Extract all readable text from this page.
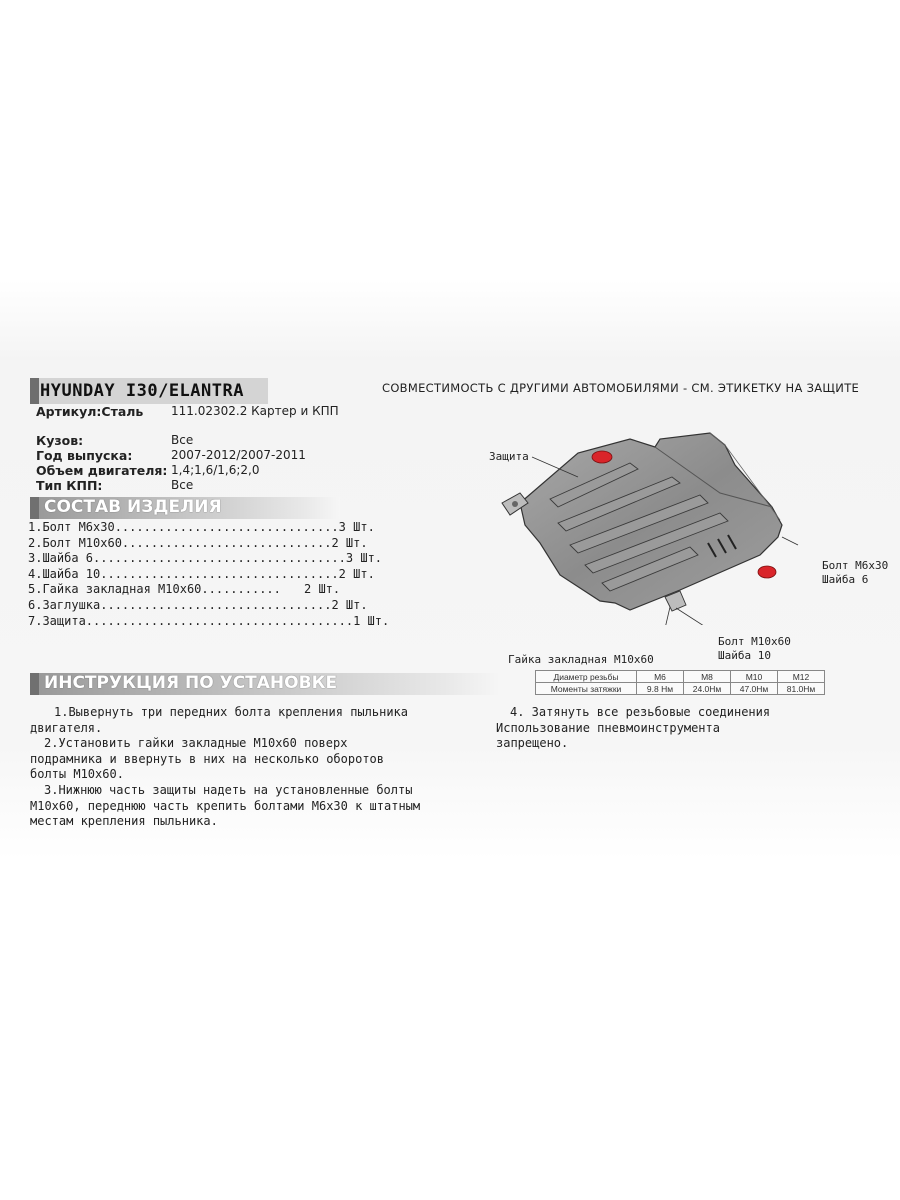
HYUNDAY I30/ELANTRA	СОВМЕСТИМОСТЬ С ДРУГИМИ АВТОМОБИЛЯМИ - СМ. ЭТИКЕТКУ НА ЗАЩИТЕ
Артикул:Сталь 111.02302.2 Картер и КПП
Кузов:	Все
Год выпуска:	2007-2012/2007-2011
Объем двигателя: 1,4;1,6/1,6;2,0
Тип КПП:	Все
СОСТАВ ИЗДЕЛИЯ
1.Болт М6х30............................... 3 Шт.
2.Болт М10х60............................. 2 Шт.
3.Шайба 6................................... 3 Шт.
4.Шайба 10................................. 2 Шт.
5.Гайка закладная М10х60........... 2 Шт.
6.Заглушка................................ 2 Шт.
7.Защита..................................... 1 Шт.
Защита
Болт М6х30
Шайба 6
Болт М10х60
Шайба 10
Гайка закладная М10х60
Диаметр резьбы	М6	М8	М10	М12
Моменты затяжки	9.8 Нм	24.0Нм	47.0Нм	81.0Нм
ИНСТРУКЦИЯ ПО УСТАНОВКЕ

1.Вывернуть три передних болта крепления пыльника

двигателя.

2.Установить гайки закладные М10х60 поверх

подрамника и ввернуть в них на несколько оборотов

болты М10х60.

3.Нижнюю часть защиты надеть на установленные болты

М10х60, переднюю часть крепить болтами М6х30 к штатным

местам крепления пыльника.

4. Затянуть все резьбовые соединения

Использование пневмоинструмента

запрещено.
